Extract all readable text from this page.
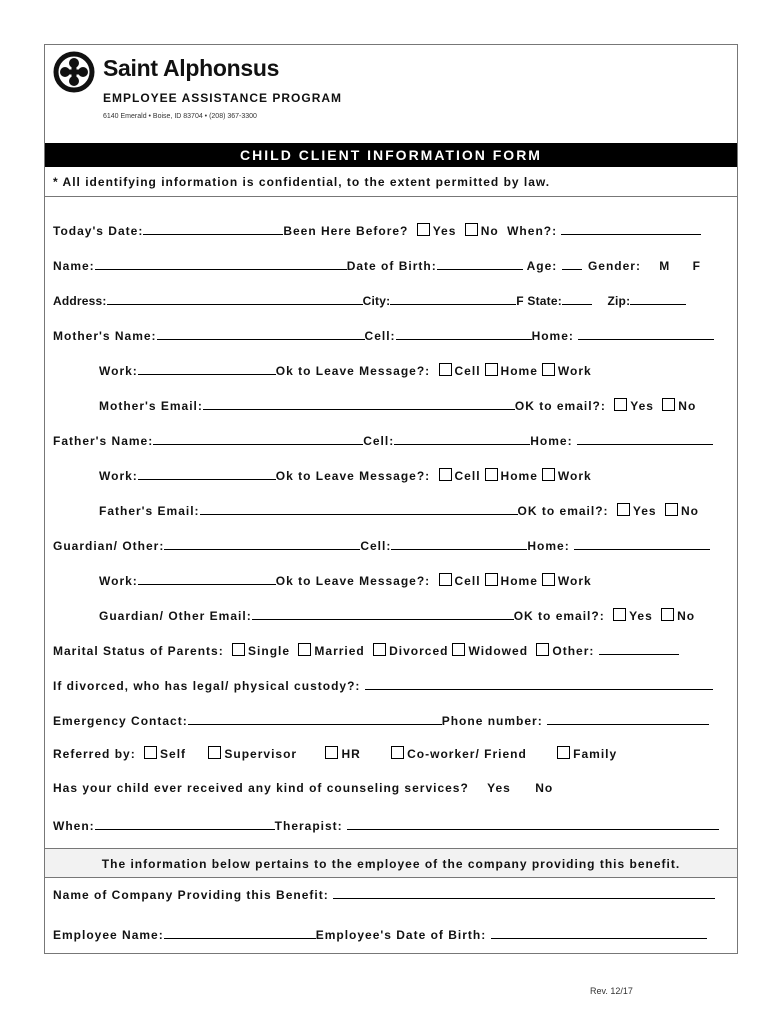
Saint Alphonsus
EMPLOYEE ASSISTANCE PROGRAM
6140 Emerald • Boise, ID 83704 • (208) 367-3300
CHILD CLIENT INFORMATION FORM
* All identifying information is confidential, to the extent permitted by law.
Today's Date:	Been Here Before? Yes No When?:
Name:	Date of Birth:	Age:	Gender: M F
Address:	City:	F State:	Zip:
Mother's Name:	Cell:	Home:
Work:	Ok to Leave Message?: Cell Home Work
Mother's Email:	OK to email?: Yes No
Father's Name:	Cell:	Home:
Work:	Ok to Leave Message?: Cell Home Work
Father's Email:	OK to email?: Yes No
Guardian/ Other:	Cell:	Home:
Work:	Ok to Leave Message?: Cell Home Work
Guardian/ Other Email:	OK to email?: Yes No
Marital Status of Parents: Single Married Divorced Widowed Other:
If divorced, who has legal/ physical custody?:
Emergency Contact:	Phone number:
Referred by: Self	Supervisor	HR	Co-worker/ Friend	Family
Has your child ever received any kind of counseling services? Yes No
When:	Therapist:
The information below pertains to the employee of the company providing this benefit.
Name of Company Providing this Benefit:
Employee Name:	Employee's Date of Birth:
Rev. 12/17
